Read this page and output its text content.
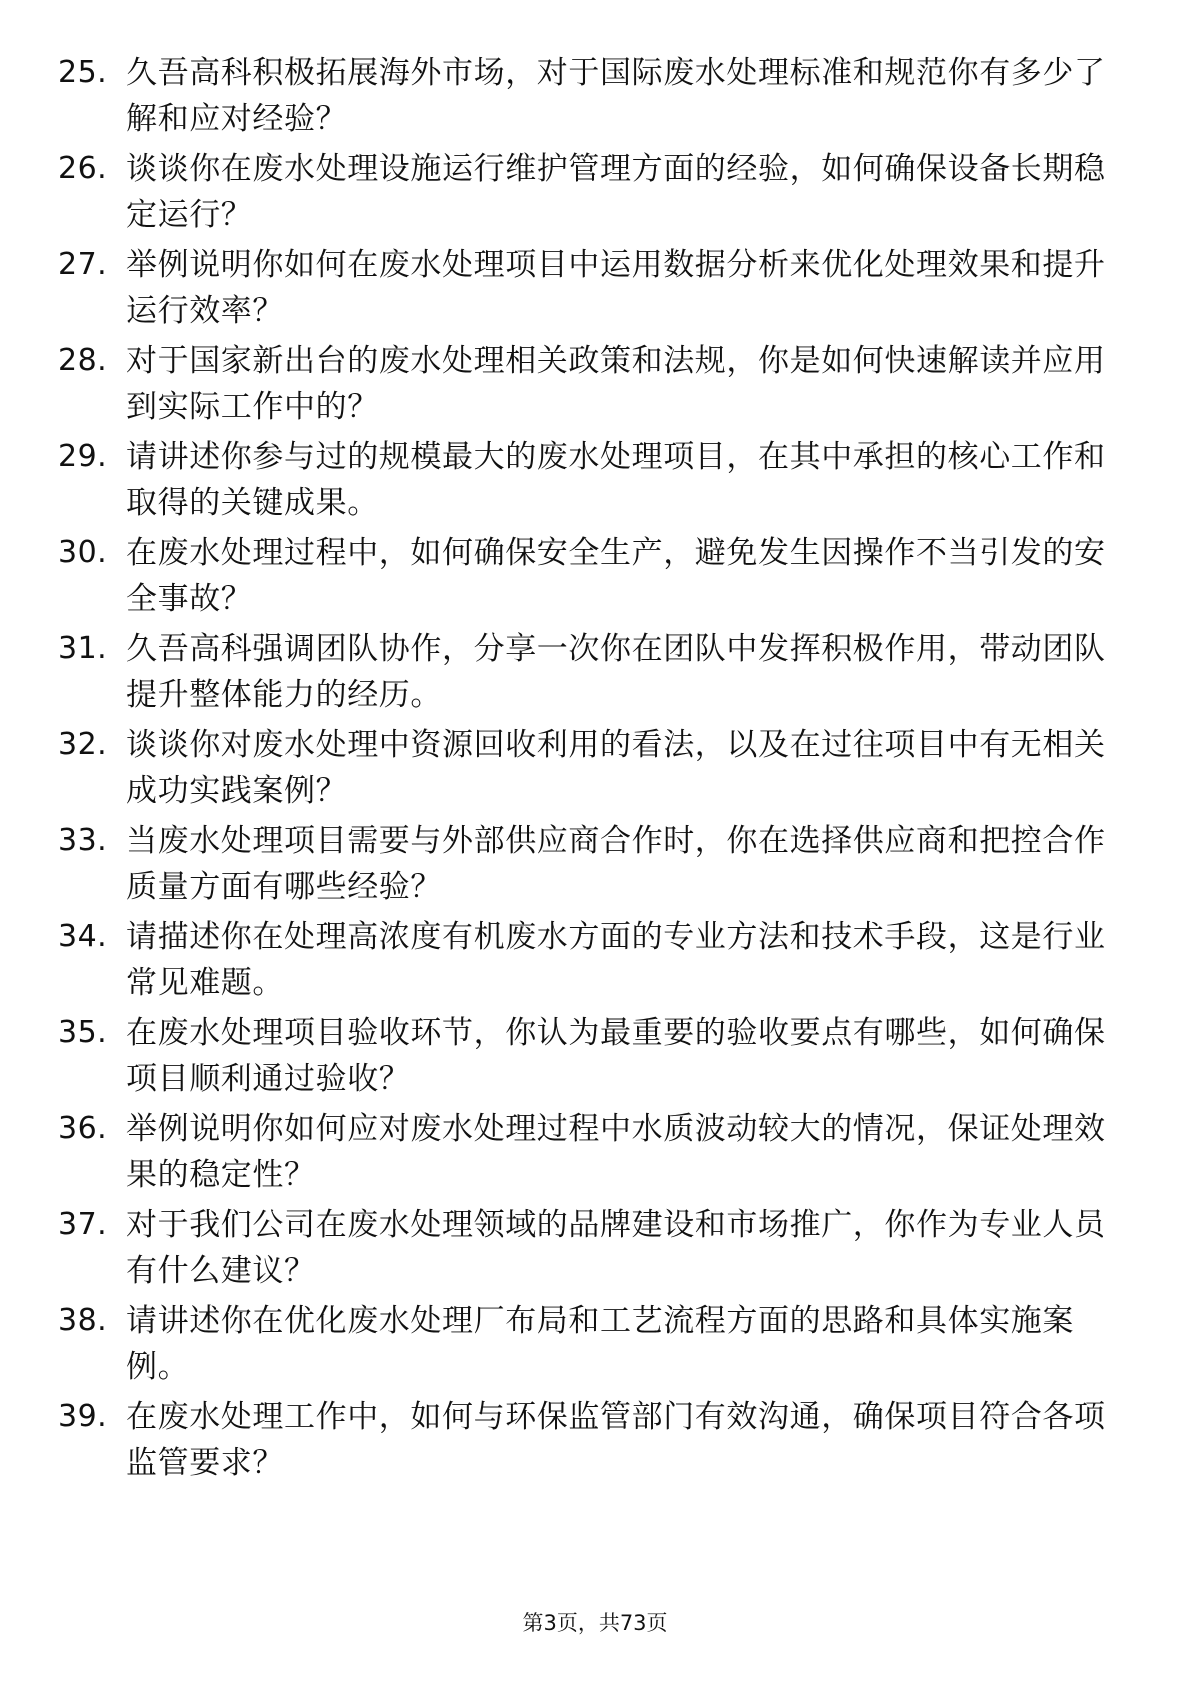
25. 久吾高科积极拓展海外市场，对于国际废水处理标准和规范你有多少了解和应对经验？
26. 谈谈你在废水处理设施运行维护管理方面的经验，如何确保设备长期稳定运行？
27. 举例说明你如何在废水处理项目中运用数据分析来优化处理效果和提升运行效率？
28. 对于国家新出台的废水处理相关政策和法规，你是如何快速解读并应用到实际工作中的？
29. 请讲述你参与过的规模最大的废水处理项目，在其中承担的核心工作和取得的关键成果。
30. 在废水处理过程中，如何确保安全生产，避免发生因操作不当引发的安全事故？
31. 久吾高科强调团队协作，分享一次你在团队中发挥积极作用，带动团队提升整体能力的经历。
32. 谈谈你对废水处理中资源回收利用的看法，以及在过往项目中有无相关成功实践案例？
33. 当废水处理项目需要与外部供应商合作时，你在选择供应商和把控合作质量方面有哪些经验？
34. 请描述你在处理高浓度有机废水方面的专业方法和技术手段，这是行业常见难题。
35. 在废水处理项目验收环节，你认为最重要的验收要点有哪些，如何确保项目顺利通过验收？
36. 举例说明你如何应对废水处理过程中水质波动较大的情况，保证处理效果的稳定性？
37. 对于我们公司在废水处理领域的品牌建设和市场推广，你作为专业人员有什么建议？
38. 请讲述你在优化废水处理厂布局和工艺流程方面的思路和具体实施案例。
39. 在废水处理工作中，如何与环保监管部门有效沟通，确保项目符合各项监管要求？
第3页，共73页
